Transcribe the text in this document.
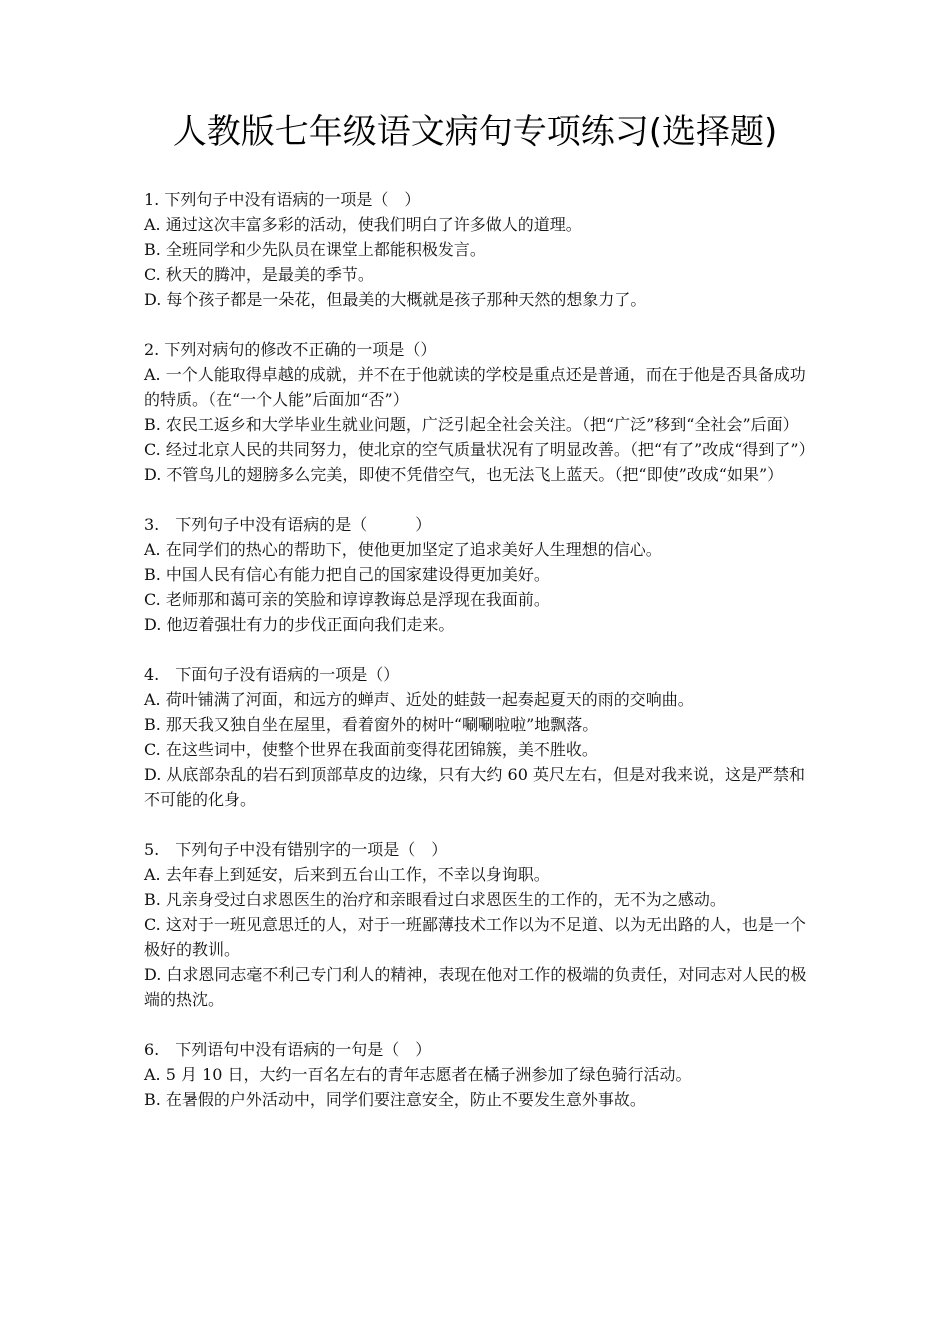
人教版七年级语文病句专项练习(选择题)

1. 下列句子中没有语病的一项是（　）

A. 通过这次丰富多彩的活动，使我们明白了许多做人的道理。

B. 全班同学和少先队员在课堂上都能积极发言。

C. 秋天的腾冲，是最美的季节。

D. 每个孩子都是一朵花，但最美的大概就是孩子那种天然的想象力了。

2. 下列对病句的修改不正确的一项是（）

A. 一个人能取得卓越的成就，并不在于他就读的学校是重点还是普通，而在于他是否具备成功的特质。（在“一个人能”后面加“否”）

B. 农民工返乡和大学毕业生就业问题，广泛引起全社会关注。（把“广泛”移到“全社会”后面）

C. 经过北京人民的共同努力，使北京的空气质量状况有了明显改善。（把“有了”改成“得到了”）

D. 不管鸟儿的翅膀多么完美，即使不凭借空气，也无法飞上蓝天。（把“即使”改成“如果”）

3.　下列句子中没有语病的是（　　　）

A. 在同学们的热心的帮助下，使他更加坚定了追求美好人生理想的信心。

B. 中国人民有信心有能力把自己的国家建设得更加美好。

C. 老师那和蔼可亲的笑脸和谆谆教诲总是浮现在我面前。

D. 他迈着强壮有力的步伐正面向我们走来。

4.　下面句子没有语病的一项是（）

A. 荷叶铺满了河面，和远方的蝉声、近处的蛙鼓一起奏起夏天的雨的交响曲。

B. 那天我又独自坐在屋里，看着窗外的树叶“唰唰啦啦”地飘落。

C. 在这些词中，使整个世界在我面前变得花团锦簇，美不胜收。

D. 从底部杂乱的岩石到顶部草皮的边缘，只有大约 60 英尺左右，但是对我来说，这是严禁和不可能的化身。

5.　下列句子中没有错别字的一项是（　）

A. 去年春上到延安，后来到五台山工作，不幸以身询职。

B. 凡亲身受过白求恩医生的治疗和亲眼看过白求恩医生的工作的，无不为之感动。

C. 这对于一班见意思迁的人，对于一班鄙薄技术工作以为不足道、以为无出路的人，也是一个极好的教训。

D. 白求恩同志毫不利己专门利人的精神，表现在他对工作的极端的负责任，对同志对人民的极端的热沈。

6.　下列语句中没有语病的一句是（　）

A. 5 月 10 日，大约一百名左右的青年志愿者在橘子洲参加了绿色骑行活动。

B. 在暑假的户外活动中，同学们要注意安全，防止不要发生意外事故。
